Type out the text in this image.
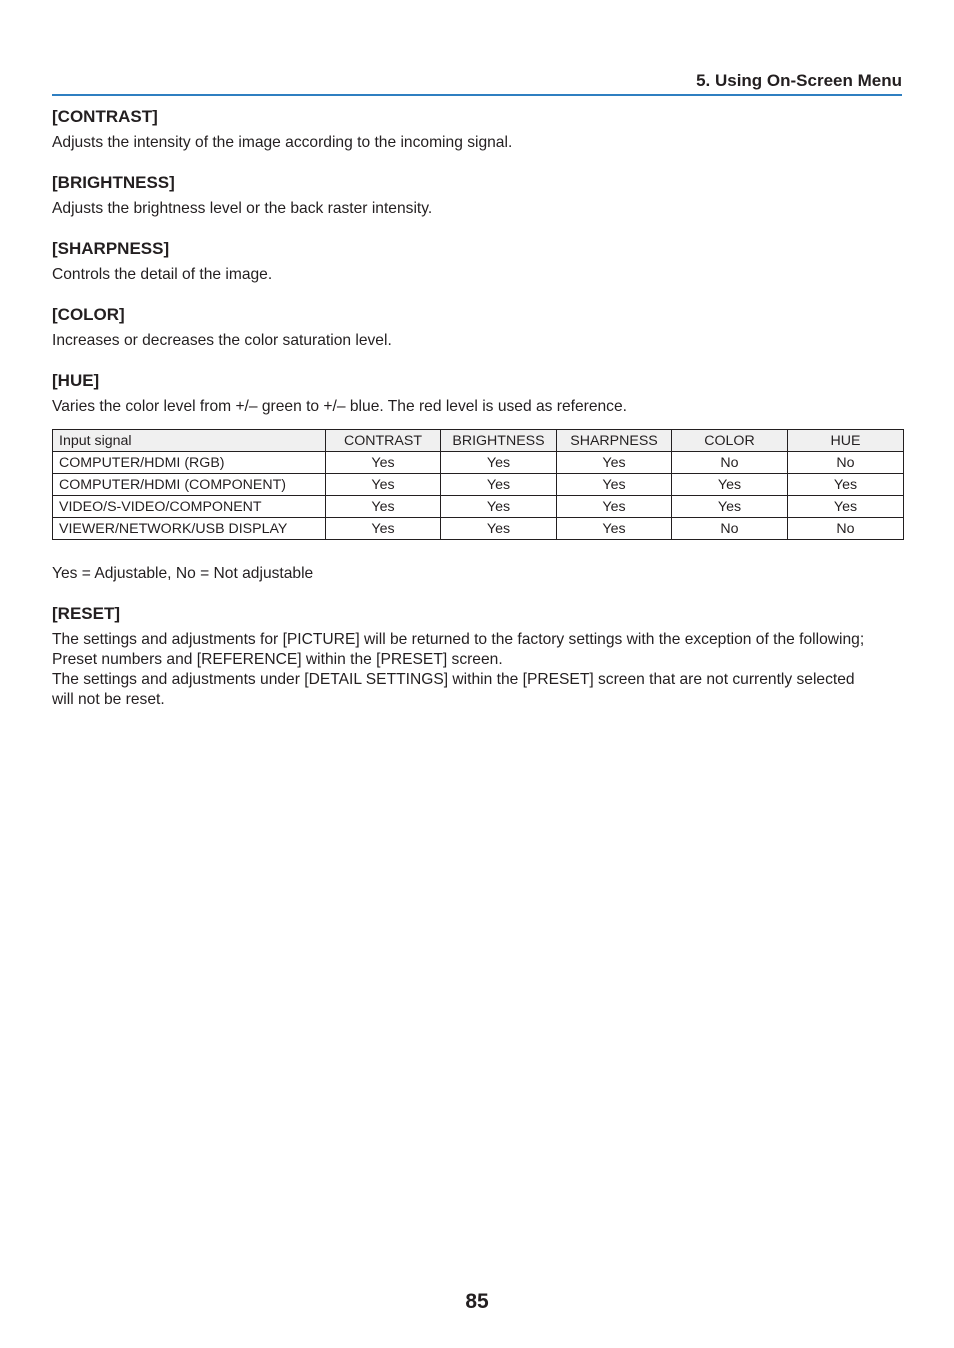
5. Using On-Screen Menu

[CONTRAST]

Adjusts the intensity of the image according to the incoming signal.

[BRIGHTNESS]

Adjusts the brightness level or the back raster intensity.

[SHARPNESS]

Controls the detail of the image.

[COLOR]

Increases or decreases the color saturation level.

[HUE]

Varies the color level from +/– green to +/– blue. The red level is used as reference.

Input signal	CONTRAST	BRIGHTNESS	SHARPNESS	COLOR	HUE
COMPUTER/HDMI (RGB)	Yes	Yes	Yes	No	No
COMPUTER/HDMI (COMPONENT)	Yes	Yes	Yes	Yes	Yes
VIDEO/S-VIDEO/COMPONENT	Yes	Yes	Yes	Yes	Yes
VIEWER/NETWORK/USB DISPLAY	Yes	Yes	Yes	No	No

Yes = Adjustable, No = Not adjustable

[RESET]

The settings and adjustments for [PICTURE] will be returned to the factory settings with the exception of the following;
Preset numbers and [REFERENCE] within the [PRESET] screen.
The settings and adjustments under [DETAIL SETTINGS] within the [PRESET] screen that are not currently selected
will not be reset.

85
